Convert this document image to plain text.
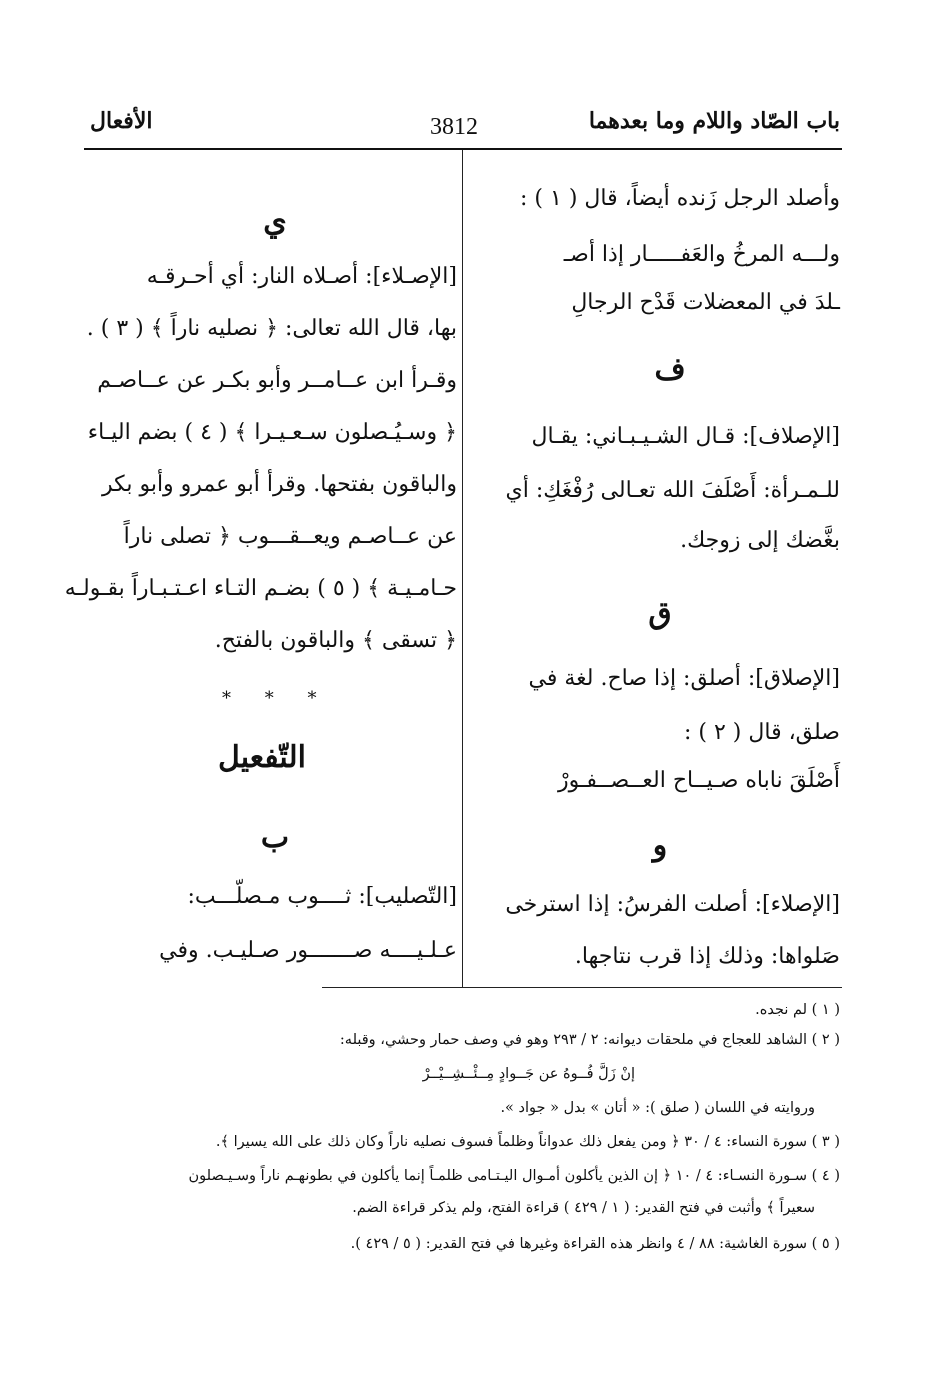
باب الصّاد واللام وما بعدهما
3812
الأفعال
وأصلد الرجل زَنده أيضاً، قال ( ١ ) :
ولـــه المرخُ والعَفـــــار إذا أصـ
ـلدَ في المعضلات قَدْح الرجالِ
ف
[الإصلاف]: قـال الشـيـبـاني: يقـال
للـمـرأة: أَصْلَفَ الله تعـالى رُفْغَكِ: أي
بغَّضك إلى زوجك.
ق
[الإصلاق]: أصلق: إذا صاح. لغة في
صلق، قال ( ٢ ) :
أَصْلَقَ ناباه صـيــاح العــصــفـورْ
و
[الإصلاء]: أصلت الفرسُ: إذا استرخى
صَلواها: وذلك إذا قرب نتاجها.
ي
[الإصـلاء]: أصـلاه النار: أي أحـرقـه
بها، قال الله تعالى: ﴿ نصليه ناراً ﴾ ( ٣ ) .
وقـرأ ابن عــامــر وأبو بكـر عن عــاصـم
﴿ وسـيُـصلون سـعـيـرا ﴾ ( ٤ ) بضم اليـاء
والباقون بفتحها. وقرأ أبو عمرو وأبو بكر
عن عــاصـم ويعــقـــوب ﴿ تصلى ناراً
حـامـيـة ﴾ ( ٥ ) بضـم التـاء اعـتـبـاراً بقـولـه
﴿ تسقى ﴾ والباقون بالفتح.
* * *
التّفعيل
ب
[التّصليب]: ثــــوب مـصلّـــب:
عـلـيــــه صـــــــور صـليـب. وفي
( ١ ) لم نجده.
( ٢ ) الشاهد للعجاج في ملحقات ديوانه: ٢ / ٢٩٣ وهو في وصف حمار وحشي، وقبله:
إنْ زَلَّ فُــوهُ عن جَــوادٍ مِــئْــشِــيْــرْ
وروايته في اللسان ( صلق ): « أتان » بدل « جواد ».
( ٣ ) سورة النساء: ٤ / ٣٠ ﴿ ومن يفعل ذلك عدواناً وظلماً فسوف نصليه ناراً وكان ذلك على الله يسيرا ﴾.
( ٤ ) سـورة النسـاء: ٤ / ١٠ ﴿ إن الذين يأكلون أمـوال اليـتـامى ظلمـاً إنما يأكلون في بطونهـم ناراً وسـيـصلون
سعيراً ﴾ وأثبت في فتح القدير: ( ١ / ٤٢٩ ) قراءة الفتح، ولم يذكر قراءة الضم.
( ٥ ) سورة الغاشية: ٨٨ / ٤ وانظر هذه القراءة وغيرها في فتح القدير: ( ٥ / ٤٢٩ ).
